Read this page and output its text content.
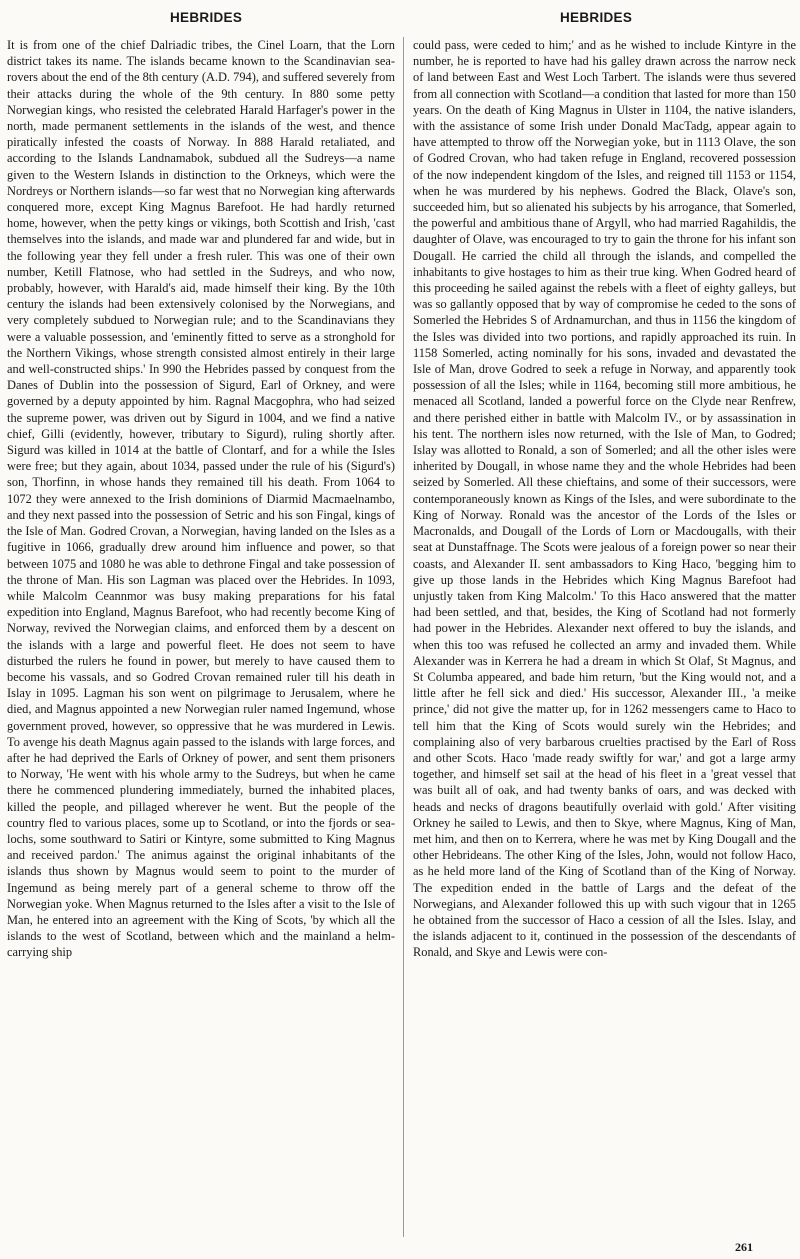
HEBRIDES	HEBRIDES

It is from one of the chief Dalriadic tribes, the Cinel Loarn, that the Lorn district takes its name. The islands became known to the Scandinavian sea-rovers about the end of the 8th century (A.D. 794), and suffered severely from their attacks during the whole of the 9th century. In 880 some petty Norwegian kings, who resisted the celebrated Harald Harfager's power in the north, made permanent settlements in the islands of the west, and thence piratically infested the coasts of Norway. In 888 Harald retaliated, and according to the Islands Landnamabok, subdued all the Sudreys—a name given to the Western Islands in distinction to the Orkneys, which were the Nordreys or Northern islands—so far west that no Norwegian king afterwards conquered more, except King Magnus Barefoot. He had hardly returned home, however, when the petty kings or vikings, both Scottish and Irish, 'cast themselves into the islands, and made war and plundered far and wide, but in the following year they fell under a fresh ruler. This was one of their own number, Ketill Flatnose, who had settled in the Sudreys, and who now, probably, however, with Harald's aid, made himself their king. By the 10th century the islands had been extensively colonised by the Norwegians, and very completely subdued to Norwegian rule; and to the Scandinavians they were a valuable possession, and 'eminently fitted to serve as a stronghold for the Northern Vikings, whose strength consisted almost entirely in their large and well-constructed ships.' In 990 the Hebrides passed by conquest from the Danes of Dublin into the possession of Sigurd, Earl of Orkney, and were governed by a deputy appointed by him. Ragnal Macgophra, who had seized the supreme power, was driven out by Sigurd in 1004, and we find a native chief, Gilli (evidently, however, tributary to Sigurd), ruling shortly after. Sigurd was killed in 1014 at the battle of Clontarf, and for a while the Isles were free; but they again, about 1034, passed under the rule of his (Sigurd's) son, Thorfinn, in whose hands they remained till his death. From 1064 to 1072 they were annexed to the Irish dominions of Diarmid Macmaelnambo, and they next passed into the possession of Setric and his son Fingal, kings of the Isle of Man. Godred Crovan, a Norwegian, having landed on the Isles as a fugitive in 1066, gradually drew around him influence and power, so that between 1075 and 1080 he was able to dethrone Fingal and take possession of the throne of Man. His son Lagman was placed over the Hebrides. In 1093, while Malcolm Ceannmor was busy making preparations for his fatal expedition into England, Magnus Barefoot, who had recently become King of Norway, revived the Norwegian claims, and enforced them by a descent on the islands with a large and powerful fleet. He does not seem to have disturbed the rulers he found in power, but merely to have caused them to become his vassals, and so Godred Crovan remained ruler till his death in Islay in 1095. Lagman his son went on pilgrimage to Jerusalem, where he died, and Magnus appointed a new Norwegian ruler named Ingemund, whose government proved, however, so oppressive that he was murdered in Lewis. To avenge his death Magnus again passed to the islands with large forces, and after he had deprived the Earls of Orkney of power, and sent them prisoners to Norway, 'He went with his whole army to the Sudreys, but when he came there he commenced plundering immediately, burned the inhabited places, killed the people, and pillaged wherever he went. But the people of the country fled to various places, some up to Scotland, or into the fjords or sea-lochs, some southward to Satiri or Kintyre, some submitted to King Magnus and received pardon.' The animus against the original inhabitants of the islands thus shown by Magnus would seem to point to the murder of Ingemund as being merely part of a general scheme to throw off the Norwegian yoke. When Magnus returned to the Isles after a visit to the Isle of Man, he entered into an agreement with the King of Scots, 'by which all the islands to the west of Scotland, between which and the mainland a helm-carrying ship

could pass, were ceded to him;' and as he wished to include Kintyre in the number, he is reported to have had his galley drawn across the narrow neck of land between East and West Loch Tarbert. The islands were thus severed from all connection with Scotland—a condition that lasted for more than 150 years. On the death of King Magnus in Ulster in 1104, the native islanders, with the assistance of some Irish under Donald MacTadg, appear again to have attempted to throw off the Norwegian yoke, but in 1113 Olave, the son of Godred Crovan, who had taken refuge in England, recovered possession of the now independent kingdom of the Isles, and reigned till 1153 or 1154, when he was murdered by his nephews. Godred the Black, Olave's son, succeeded him, but so alienated his subjects by his arrogance, that Somerled, the powerful and ambitious thane of Argyll, who had married Ragahildis, the daughter of Olave, was encouraged to try to gain the throne for his infant son Dougall. He carried the child all through the islands, and compelled the inhabitants to give hostages to him as their true king. When Godred heard of this proceeding he sailed against the rebels with a fleet of eighty galleys, but was so gallantly opposed that by way of compromise he ceded to the sons of Somerled the Hebrides S of Ardnamurchan, and thus in 1156 the kingdom of the Isles was divided into two portions, and rapidly approached its ruin. In 1158 Somerled, acting nominally for his sons, invaded and devastated the Isle of Man, drove Godred to seek a refuge in Norway, and apparently took possession of all the Isles; while in 1164, becoming still more ambitious, he menaced all Scotland, landed a powerful force on the Clyde near Renfrew, and there perished either in battle with Malcolm IV., or by assassination in his tent. The northern isles now returned, with the Isle of Man, to Godred; Islay was allotted to Ronald, a son of Somerled; and all the other isles were inherited by Dougall, in whose name they and the whole Hebrides had been seized by Somerled. All these chieftains, and some of their successors, were contemporaneously known as Kings of the Isles, and were subordinate to the King of Norway. Ronald was the ancestor of the Lords of the Isles or Macronalds, and Dougall of the Lords of Lorn or Macdougalls, with their seat at Dunstaffnage. The Scots were jealous of a foreign power so near their coasts, and Alexander II. sent ambassadors to King Haco, 'begging him to give up those lands in the Hebrides which King Magnus Barefoot had unjustly taken from King Malcolm.' To this Haco answered that the matter had been settled, and that, besides, the King of Scotland had not formerly had power in the Hebrides. Alexander next offered to buy the islands, and when this too was refused he collected an army and invaded them. While Alexander was in Kerrera he had a dream in which St Olaf, St Magnus, and St Columba appeared, and bade him return, 'but the King would not, and a little after he fell sick and died.' His successor, Alexander III., 'a meike prince,' did not give the matter up, for in 1262 messengers came to Haco to tell him that the King of Scots would surely win the Hebrides; and complaining also of very barbarous cruelties practised by the Earl of Ross and other Scots. Haco 'made ready swiftly for war,' and got a large army together, and himself set sail at the head of his fleet in a 'great vessel that was built all of oak, and had twenty banks of oars, and was decked with heads and necks of dragons beautifully overlaid with gold.' After visiting Orkney he sailed to Lewis, and then to Skye, where Magnus, King of Man, met him, and then on to Kerrera, where he was met by King Dougall and the other Hebrideans. The other King of the Isles, John, would not follow Haco, as he held more land of the King of Scotland than of the King of Norway. The expedition ended in the battle of Largs and the defeat of the Norwegians, and Alexander followed this up with such vigour that in 1265 he obtained from the successor of Haco a cession of all the Isles. Islay, and the islands adjacent to it, continued in the possession of the descendants of Ronald, and Skye and Lewis were con-

261
